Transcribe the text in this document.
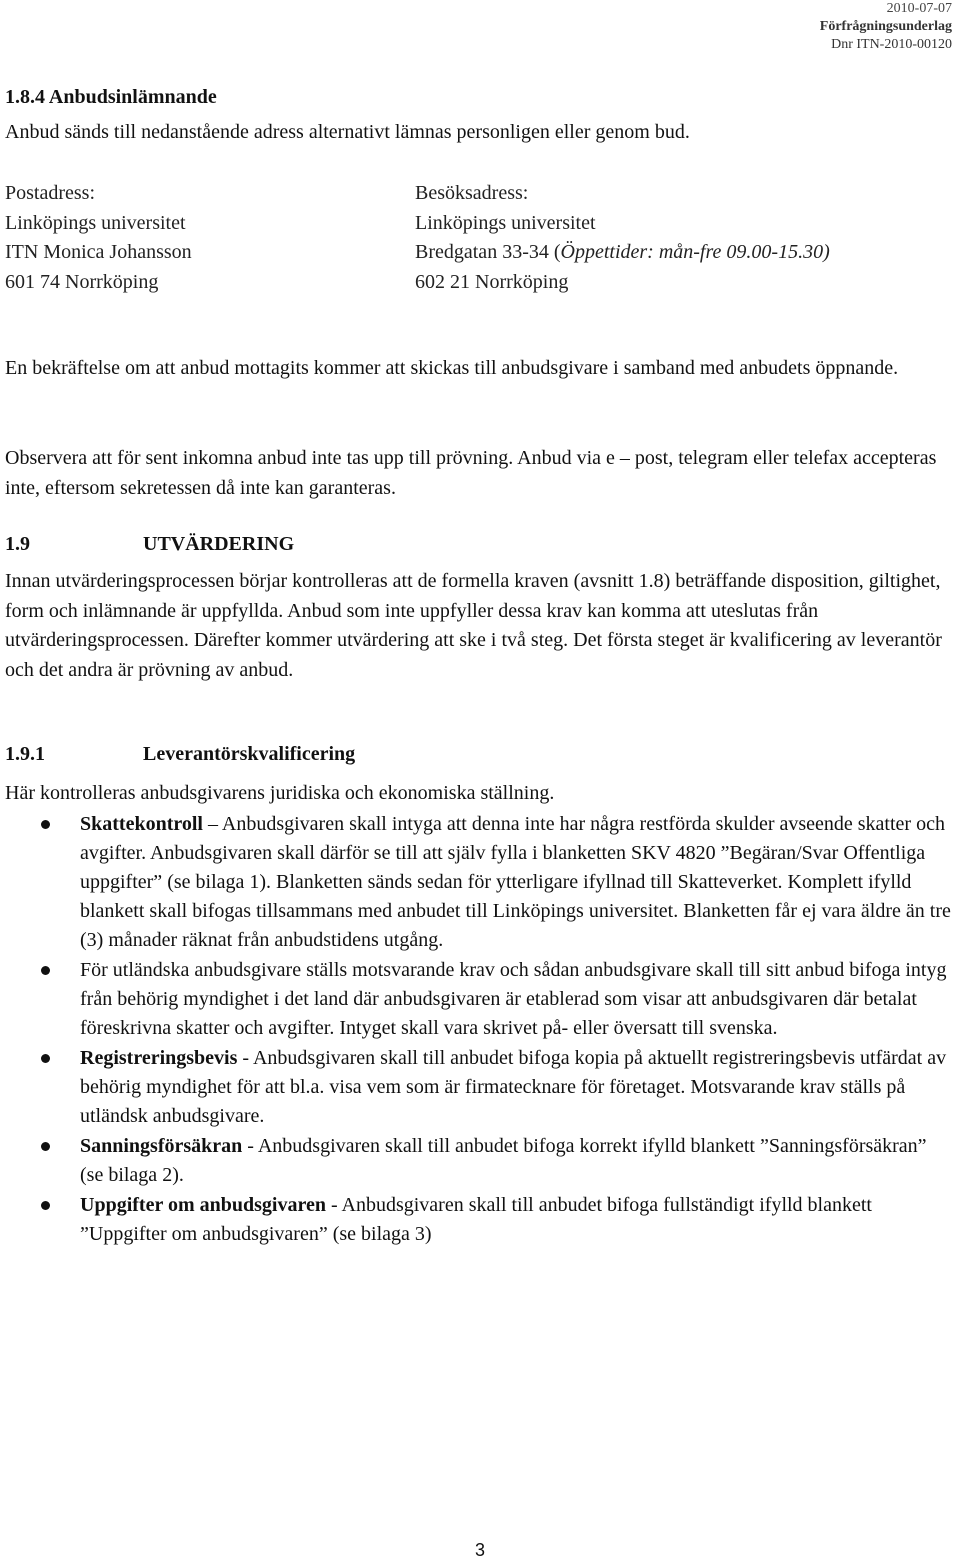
2010-07-07
Förfrågningsunderlag
Dnr ITN-2010-00120
1.8.4 Anbudsinlämnande

Anbud sänds till nedanstående adress alternativt lämnas personligen eller genom bud.

Postadress:
Linköpings universitet
ITN Monica Johansson
601 74 Norrköping
Besöksadress:
Linköpings universitet
Bredgatan 33-34 (Öppettider: mån-fre 09.00-15.30)
602 21 Norrköping

En bekräftelse om att anbud mottagits kommer att skickas till anbudsgivare i samband med anbudets öppnande.

Observera att för sent inkomna anbud inte tas upp till prövning. Anbud via e – post, telegram eller telefax accepteras inte, eftersom sekretessen då inte kan garanteras.

1.9	UTVÄRDERING

Innan utvärderingsprocessen börjar kontrolleras att de formella kraven (avsnitt 1.8) beträffande disposition, giltighet, form och inlämnande är uppfyllda. Anbud som inte uppfyller dessa krav kan komma att uteslutas från utvärderingsprocessen. Därefter kommer utvärdering att ske i två steg. Det första steget är kvalificering av leverantör och det andra är prövning av anbud.

1.9.1	Leverantörskvalificering

Här kontrolleras anbudsgivarens juridiska och ekonomiska ställning.

Skattekontroll – Anbudsgivaren skall intyga att denna inte har några restförda skulder avseende skatter och avgifter. Anbudsgivaren skall därför se till att själv fylla i blanketten SKV 4820 ”Begäran/Svar Offentliga uppgifter” (se bilaga 1). Blanketten sänds sedan för ytterligare ifyllnad till Skatteverket. Komplett ifylld blankett skall bifogas tillsammans med anbudet till Linköpings universitet. Blanketten får ej vara äldre än tre (3) månader räknat från anbudstidens utgång.
För utländska anbudsgivare ställs motsvarande krav och sådan anbudsgivare skall till sitt anbud bifoga intyg från behörig myndighet i det land där anbudsgivaren är etablerad som visar att anbudsgivaren där betalat föreskrivna skatter och avgifter. Intyget skall vara skrivet på- eller översatt till svenska.
Registreringsbevis - Anbudsgivaren skall till anbudet bifoga kopia på aktuellt registreringsbevis utfärdat av behörig myndighet för att bl.a. visa vem som är firmatecknare för företaget. Motsvarande krav ställs på utländsk anbudsgivare.
Sanningsförsäkran - Anbudsgivaren skall till anbudet bifoga korrekt ifylld blankett ”Sanningsförsäkran” (se bilaga 2).
Uppgifter om anbudsgivaren - Anbudsgivaren skall till anbudet bifoga fullständigt ifylld blankett ”Uppgifter om anbudsgivaren” (se bilaga 3)
3
